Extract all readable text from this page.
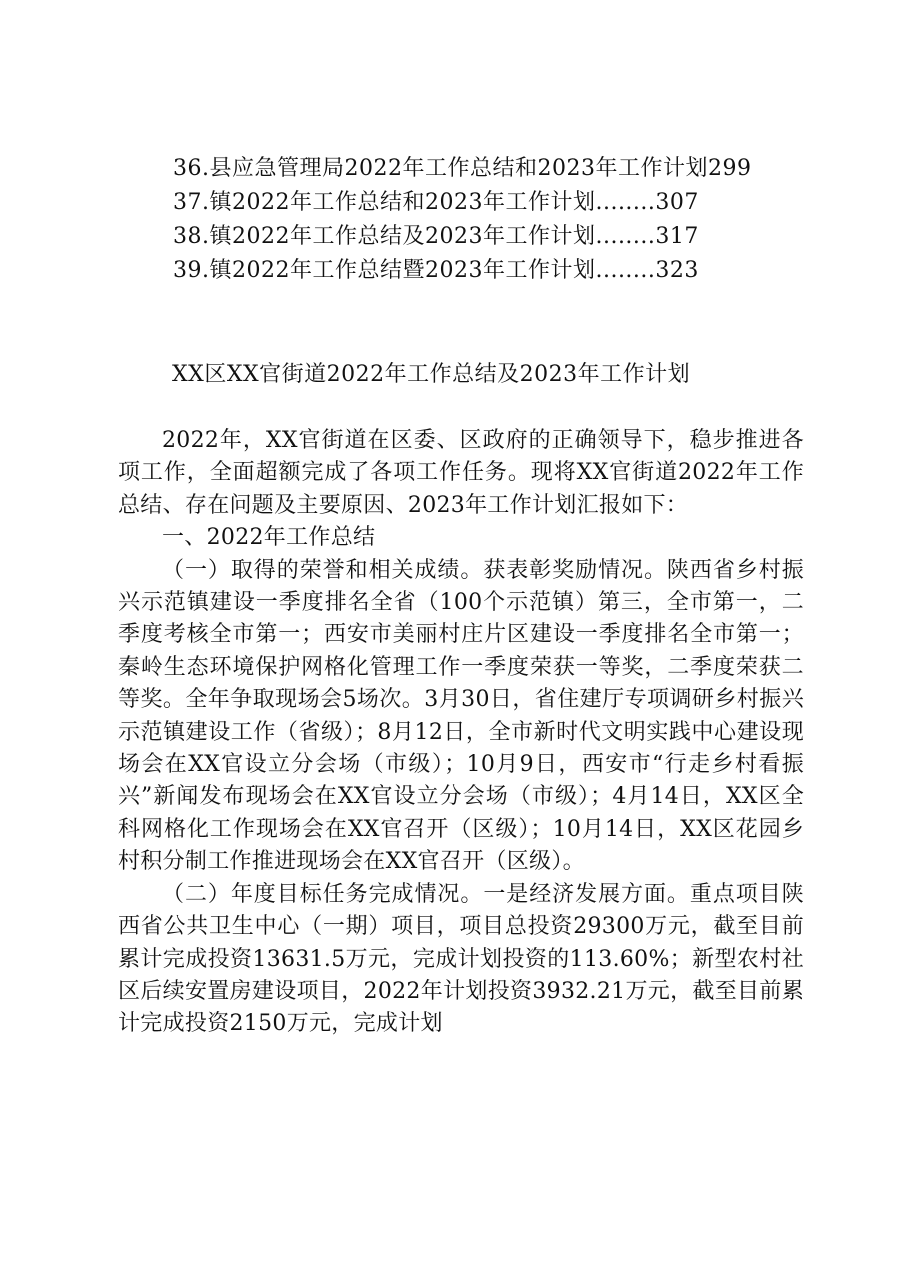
36.县应急管理局2022年工作总结和2023年工作计划299
37.镇2022年工作总结和2023年工作计划........307
38.镇2022年工作总结及2023年工作计划........317
39.镇2022年工作总结暨2023年工作计划........323
XX区XX官街道2022年工作总结及2023年工作计划

2022年，XX官街道在区委、区政府的正确领导下，稳步推进各项工作，全面超额完成了各项工作任务。现将XX官街道2022年工作总结、存在问题及主要原因、2023年工作计划汇报如下：

一、2022年工作总结

（一）取得的荣誉和相关成绩。获表彰奖励情况。陕西省乡村振兴示范镇建设一季度排名全省（100个示范镇）第三，全市第一，二季度考核全市第一；西安市美丽村庄片区建设一季度排名全市第一；秦岭生态环境保护网格化管理工作一季度荣获一等奖，二季度荣获二等奖。全年争取现场会5场次。3月30日，省住建厅专项调研乡村振兴示范镇建设工作（省级）；8月12日，全市新时代文明实践中心建设现场会在XX官设立分会场（市级）；10月9日，西安市“行走乡村看振兴”新闻发布现场会在XX官设立分会场（市级）；4月14日，XX区全科网格化工作现场会在XX官召开（区级）；10月14日，XX区花园乡村积分制工作推进现场会在XX官召开（区级）。

（二）年度目标任务完成情况。一是经济发展方面。重点项目陕西省公共卫生中心（一期）项目，项目总投资29300万元，截至目前累计完成投资13631.5万元，完成计划投资的113.60%；新型农村社区后续安置房建设项目，2022年计划投资3932.21万元，截至目前累计完成投资2150万元，完成计划
